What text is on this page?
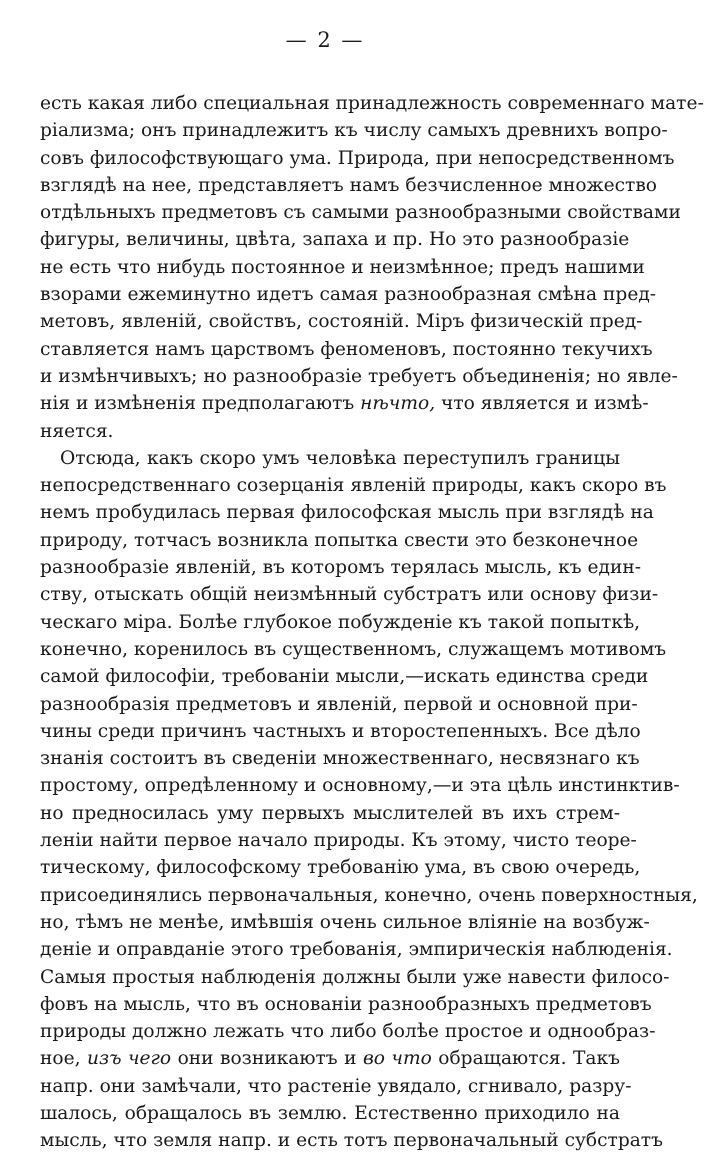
— 2 —
есть какая либо специальная принадлежность современнаго мате-
ріализма; онъ принадлежитъ къ числу самыхъ древнихъ вопро-
совъ философствующаго ума. Природа, при непосредственномъ
взглядѣ на нее, представляетъ намъ безчисленное множество
отдѣльныхъ предметовъ съ самыми разнообразными свойствами
фигуры, величины, цвѣта, запаха и пр. Но это разнообразіе
не есть что нибудь постоянное и неизмѣнное; предъ нашими
взорами ежеминутно идетъ самая разнообразная смѣна пред-
метовъ, явленій, свойствъ, состояній. Міръ физическій пред-
ставляется намъ царствомъ феноменовъ, постоянно текучихъ
и измѣнчивыхъ; но разнообразіе требуетъ объединенія; но явле-
нія и измѣненія предполагаютъ нѣчто, что является и измѣ-
няется.
Отсюда, какъ скоро умъ человѣка переступилъ границы
непосредственнаго созерцанія явленій природы, какъ скоро въ
немъ пробудилась первая философская мысль при взглядѣ на
природу, тотчасъ возникла попытка свести это безконечное
разнообразіе явленій, въ которомъ терялась мысль, къ един-
ству, отыскать общій неизмѣнный субстратъ или основу физи-
ческаго міра. Болѣе глубокое побужденіе къ такой попыткѣ,
конечно, коренилось въ существенномъ, служащемъ мотивомъ
самой философіи, требованіи мысли,—искать единства среди
разнообразія предметовъ и явленій, первой и основной при-
чины среди причинъ частныхъ и второстепенныхъ. Все дѣло
знанія состоитъ въ сведеніи множественнаго, несвязнаго къ
простому, опредѣленному и основному,—и эта цѣль инстинктив-
но предносилась уму первыхъ мыслителей въ ихъ стрем-
леніи найти первое начало природы. Къ этому, чисто теоре-
тическому, философскому требованію ума, въ свою очередь,
присоединялись первоначальныя, конечно, очень поверхностныя,
но, тѣмъ не менѣе, имѣвшія очень сильное вліяніе на возбуж-
деніе и оправданіе этого требованія, эмпирическія наблюденія.
Самыя простыя наблюденія должны были уже навести филосо-
фовъ на мысль, что въ основаніи разнообразныхъ предметовъ
природы должно лежать что либо болѣе простое и однообраз-
ное, изъ чего они возникаютъ и во что обращаются. Такъ
напр. они замѣчали, что растеніе увядало, сгнивало, разру-
шалось, обращалось въ землю. Естественно приходило на
мысль, что земля напр. и есть тотъ первоначальный субстратъ
